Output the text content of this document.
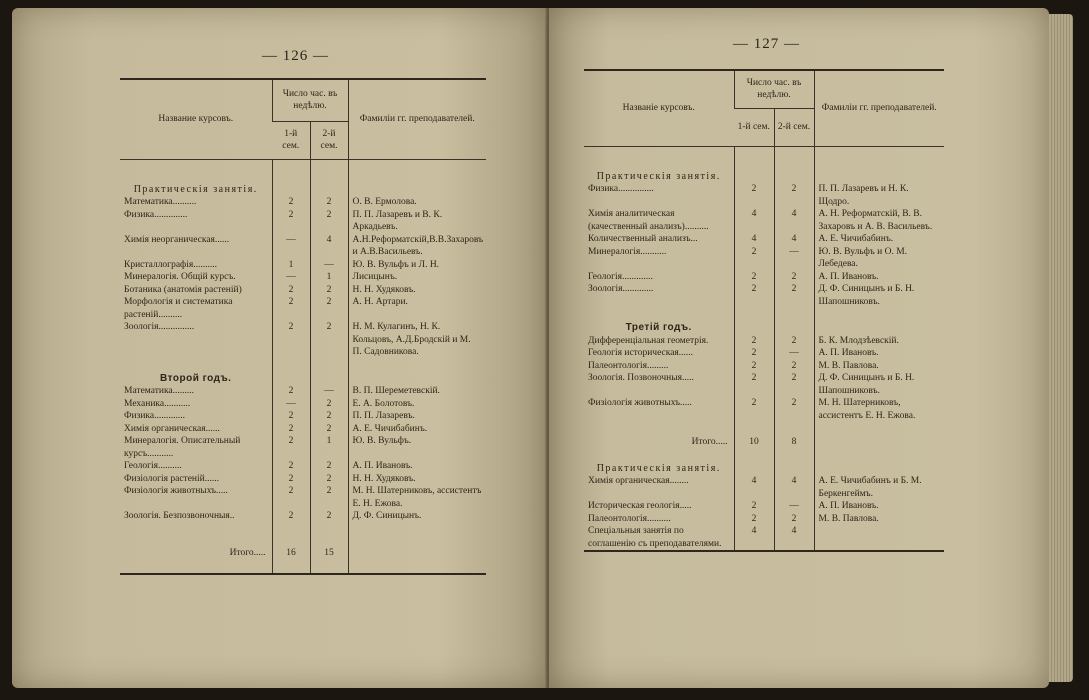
— 126 —
— 127 —
Название курсовъ.	Число час. въ недѣлю.		Фамиліи гг. преподавателей.
	1-й сем.	2-й сем.	

Практическія занятія.			
Математика..........	2	2	О. В. Ермолова.
Физика..............	2	2	П. П. Лазаревъ и В. К. Аркадьевъ.
Химія неорганическая......	—	4	А.Н.Реформатскій,В.В.Захаровъ и А.В.Васильевъ.
Кристаллографія..........	1	—	Ю. В. Вульфъ и Л. Н.
Минералогія. Общій курсъ.	—	1	Лисицынъ.
Ботаника (анатомія растеній)	2	2	Н. Н. Худяковъ.
Морфологія и систематика растеній..........	2	2	А. Н. Артари.
Зоологія...............	2	2	Н. М. Кулагинъ, Н. К. Кольцовъ, А.Д.Бродскій и М. П. Садовникова.

Второй годъ.			
Математика.........	2	—	В. П. Шереметевскій.
Механика...........	—	2	Е. А. Болотовъ.
Физика.............	2	2	П. П. Лазаревъ.
Химія органическая......	2	2	А. Е. Чичибабинъ.
Минералогія. Описательный курсъ...........	2	1	Ю. В. Вульфъ.
Геологія..........	2	2	А. П. Ивановъ.
Физіологія растеній......	2	2	Н. Н. Худяковъ.
Физіологія животныхъ.....	2	2	М. Н. Шатерниковъ, ассистентъ Е. Н. Ежова.
Зоологія. Безпозвоночныя..	2	2	Д. Ф. Синицынъ.

Итого.....	16	15	

Названіе курсовъ.	Число час. въ недѣлю.		Фамиліи гг. преподавателей.
	1-й сем.	2-й сем.	

Практическія занятія.			
Физика...............	2	2	П. П. Лазаревъ и Н. К. Щодро.
Химія аналитическая (качественный анализъ)..........	4	4	А. Н. Реформатскій, В. В. Захаровъ и А. В. Васильевъ.
Количественный анализъ...	4	4	А. Е. Чичибабинъ.
Минералогія...........	2	—	Ю. В. Вульфъ и О. М. Лебедева.
Геологія.............	2	2	А. П. Ивановъ.
Зоологія.............	2	2	Д. Ф. Синицынъ и Б. Н. Шапошниковъ.

Третій годъ.			
Дифференціальная геометрія.	2	2	Б. К. Млодзѣевскій.
Геологія историческая......	2	—	А. П. Ивановъ.
Палеонтологія.........	2	2	М. В. Павлова.
Зоологія. Позвоночныя.....	2	2	Д. Ф. Синицынъ и Б. Н. Шапошниковъ.
Физіологія животныхъ.....	2	2	М. Н. Шатерниковъ, ассистентъ Е. Н. Ежова.

Итого.....	10	8	

Практическія занятія.			
Химія органическая........	4	4	А. Е. Чичибабинъ и Б. М. Беркенгеймъ.
Историческая геологія.....	2	—	А. П. Ивановъ.
Палеонтологія..........	2	2	М. В. Павлова.
Спеціальныя занятія по соглашенію съ преподавателями.	4	4	
